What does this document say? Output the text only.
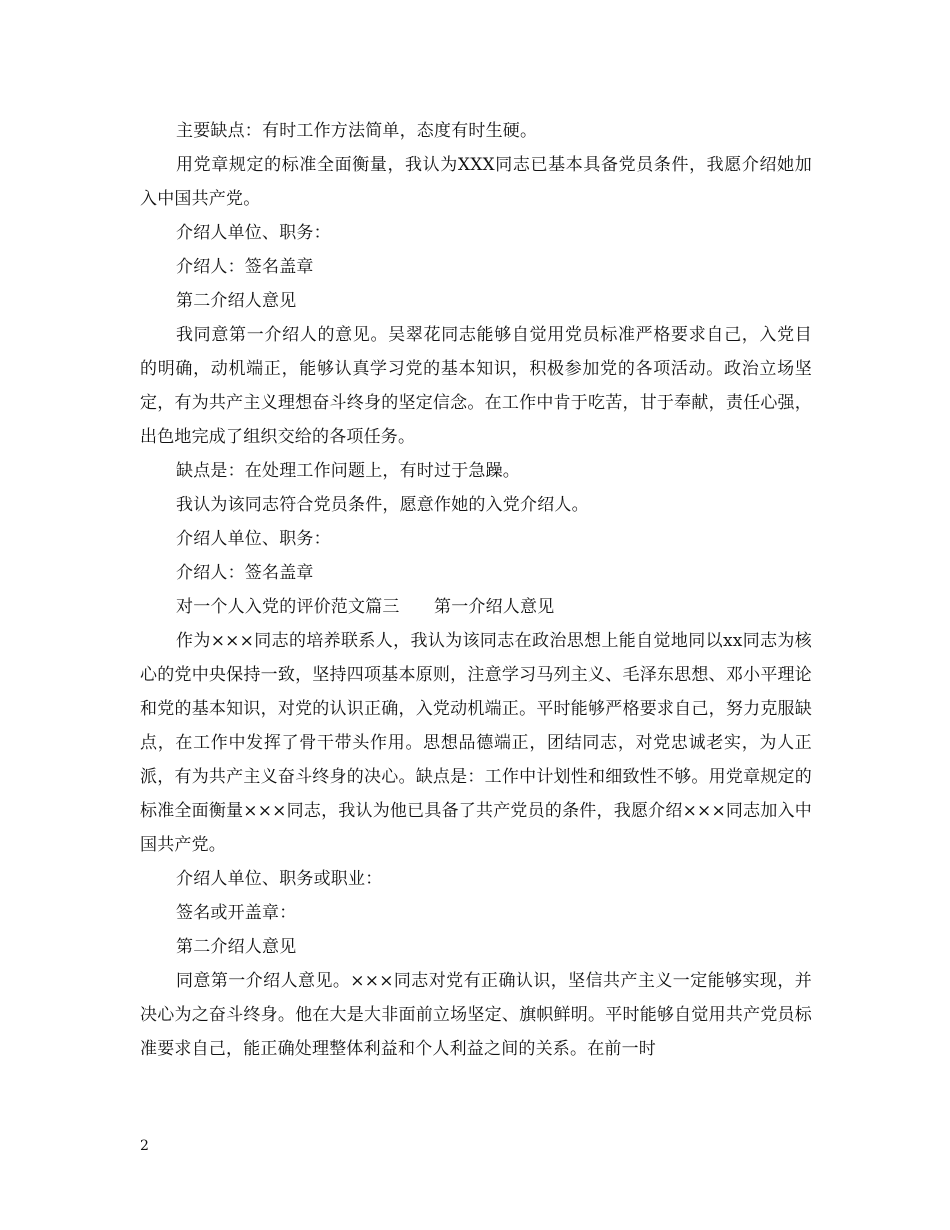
主要缺点：有时工作方法简单，态度有时生硬。

用党章规定的标准全面衡量，我认为XXX同志已基本具备党员条件，我愿介绍她加入中国共产党。

介绍人单位、职务：

介绍人：签名盖章

第二介绍人意见

我同意第一介绍人的意见。吴翠花同志能够自觉用党员标准严格要求自己，入党目的明确，动机端正，能够认真学习党的基本知识，积极参加党的各项活动。政治立场坚定，有为共产主义理想奋斗终身的坚定信念。在工作中肯于吃苦，甘于奉献，责任心强，出色地完成了组织交给的各项任务。

缺点是：在处理工作问题上，有时过于急躁。

我认为该同志符合党员条件，愿意作她的入党介绍人。

介绍人单位、职务：

介绍人：签名盖章

对一个人入党的评价范文篇三　　第一介绍人意见

作为×××同志的培养联系人，我认为该同志在政治思想上能自觉地同以xx同志为核心的党中央保持一致，坚持四项基本原则，注意学习马列主义、毛泽东思想、邓小平理论和党的基本知识，对党的认识正确，入党动机端正。平时能够严格要求自己，努力克服缺点，在工作中发挥了骨干带头作用。思想品德端正，团结同志，对党忠诚老实，为人正派，有为共产主义奋斗终身的决心。缺点是：工作中计划性和细致性不够。用党章规定的标准全面衡量×××同志，我认为他已具备了共产党员的条件，我愿介绍×××同志加入中国共产党。

介绍人单位、职务或职业：

签名或开盖章：

第二介绍人意见

同意第一介绍人意见。×××同志对党有正确认识，坚信共产主义一定能够实现，并决心为之奋斗终身。他在大是大非面前立场坚定、旗帜鲜明。平时能够自觉用共产党员标准要求自己，能正确处理整体利益和个人利益之间的关系。在前一时

2
